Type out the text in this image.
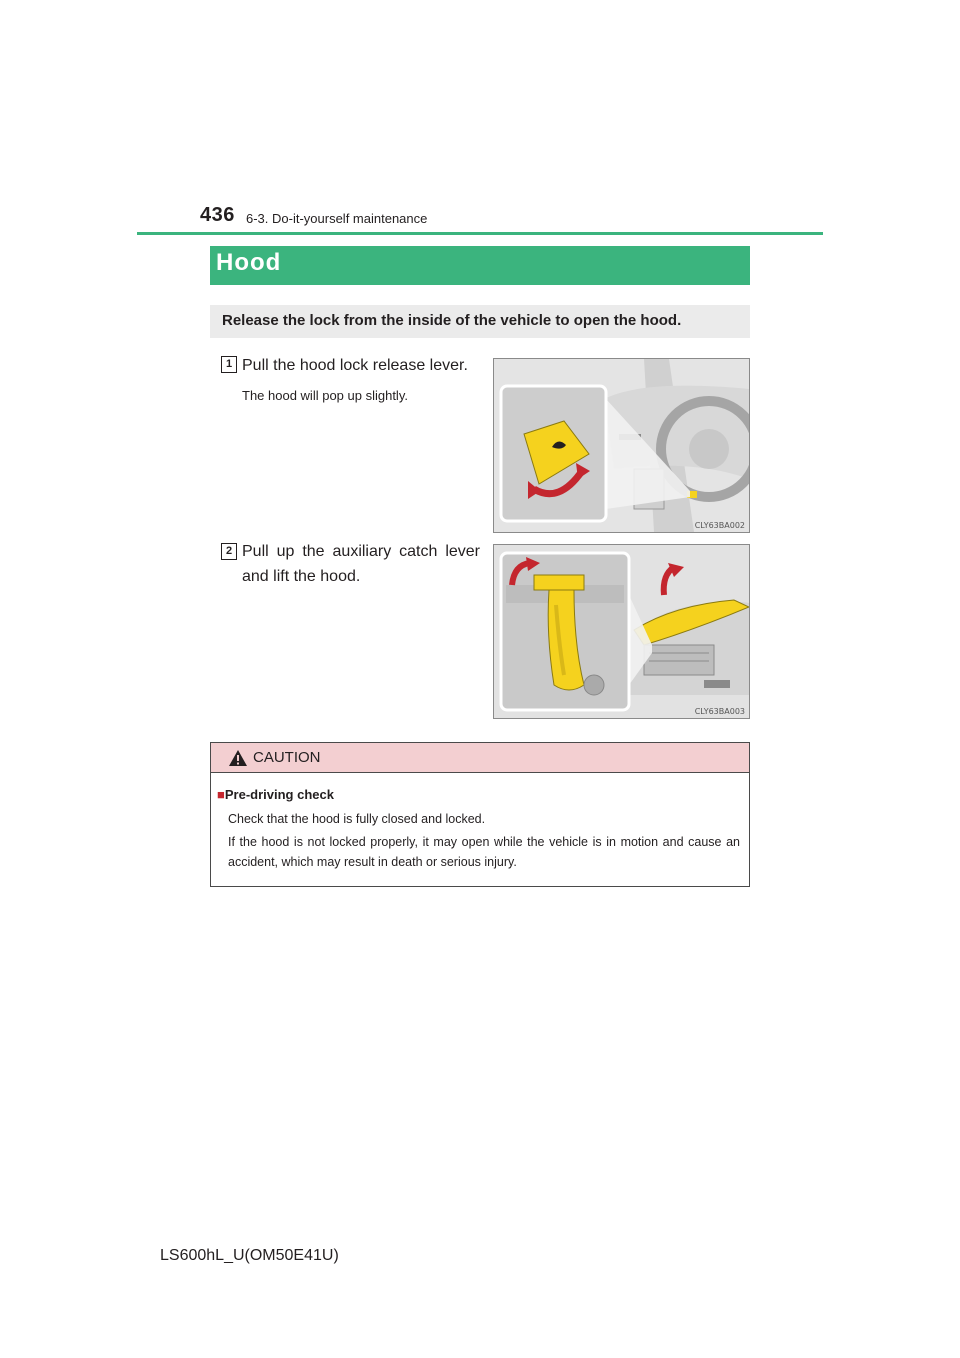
436 6-3. Do-it-yourself maintenance
Hood
Release the lock from the inside of the vehicle to open the hood.
1 Pull the hood lock release lever.
The hood will pop up slightly.
CLY63BA002
2 Pull up the auxiliary catch lever
and lift the hood.
CLY63BA003
CAUTION
■Pre-driving check
Check that the hood is fully closed and locked.
If the hood is not locked properly, it may open while the vehicle is in motion and cause an accident, which may result in death or serious injury.
LS600hL_U(OM50E41U)
